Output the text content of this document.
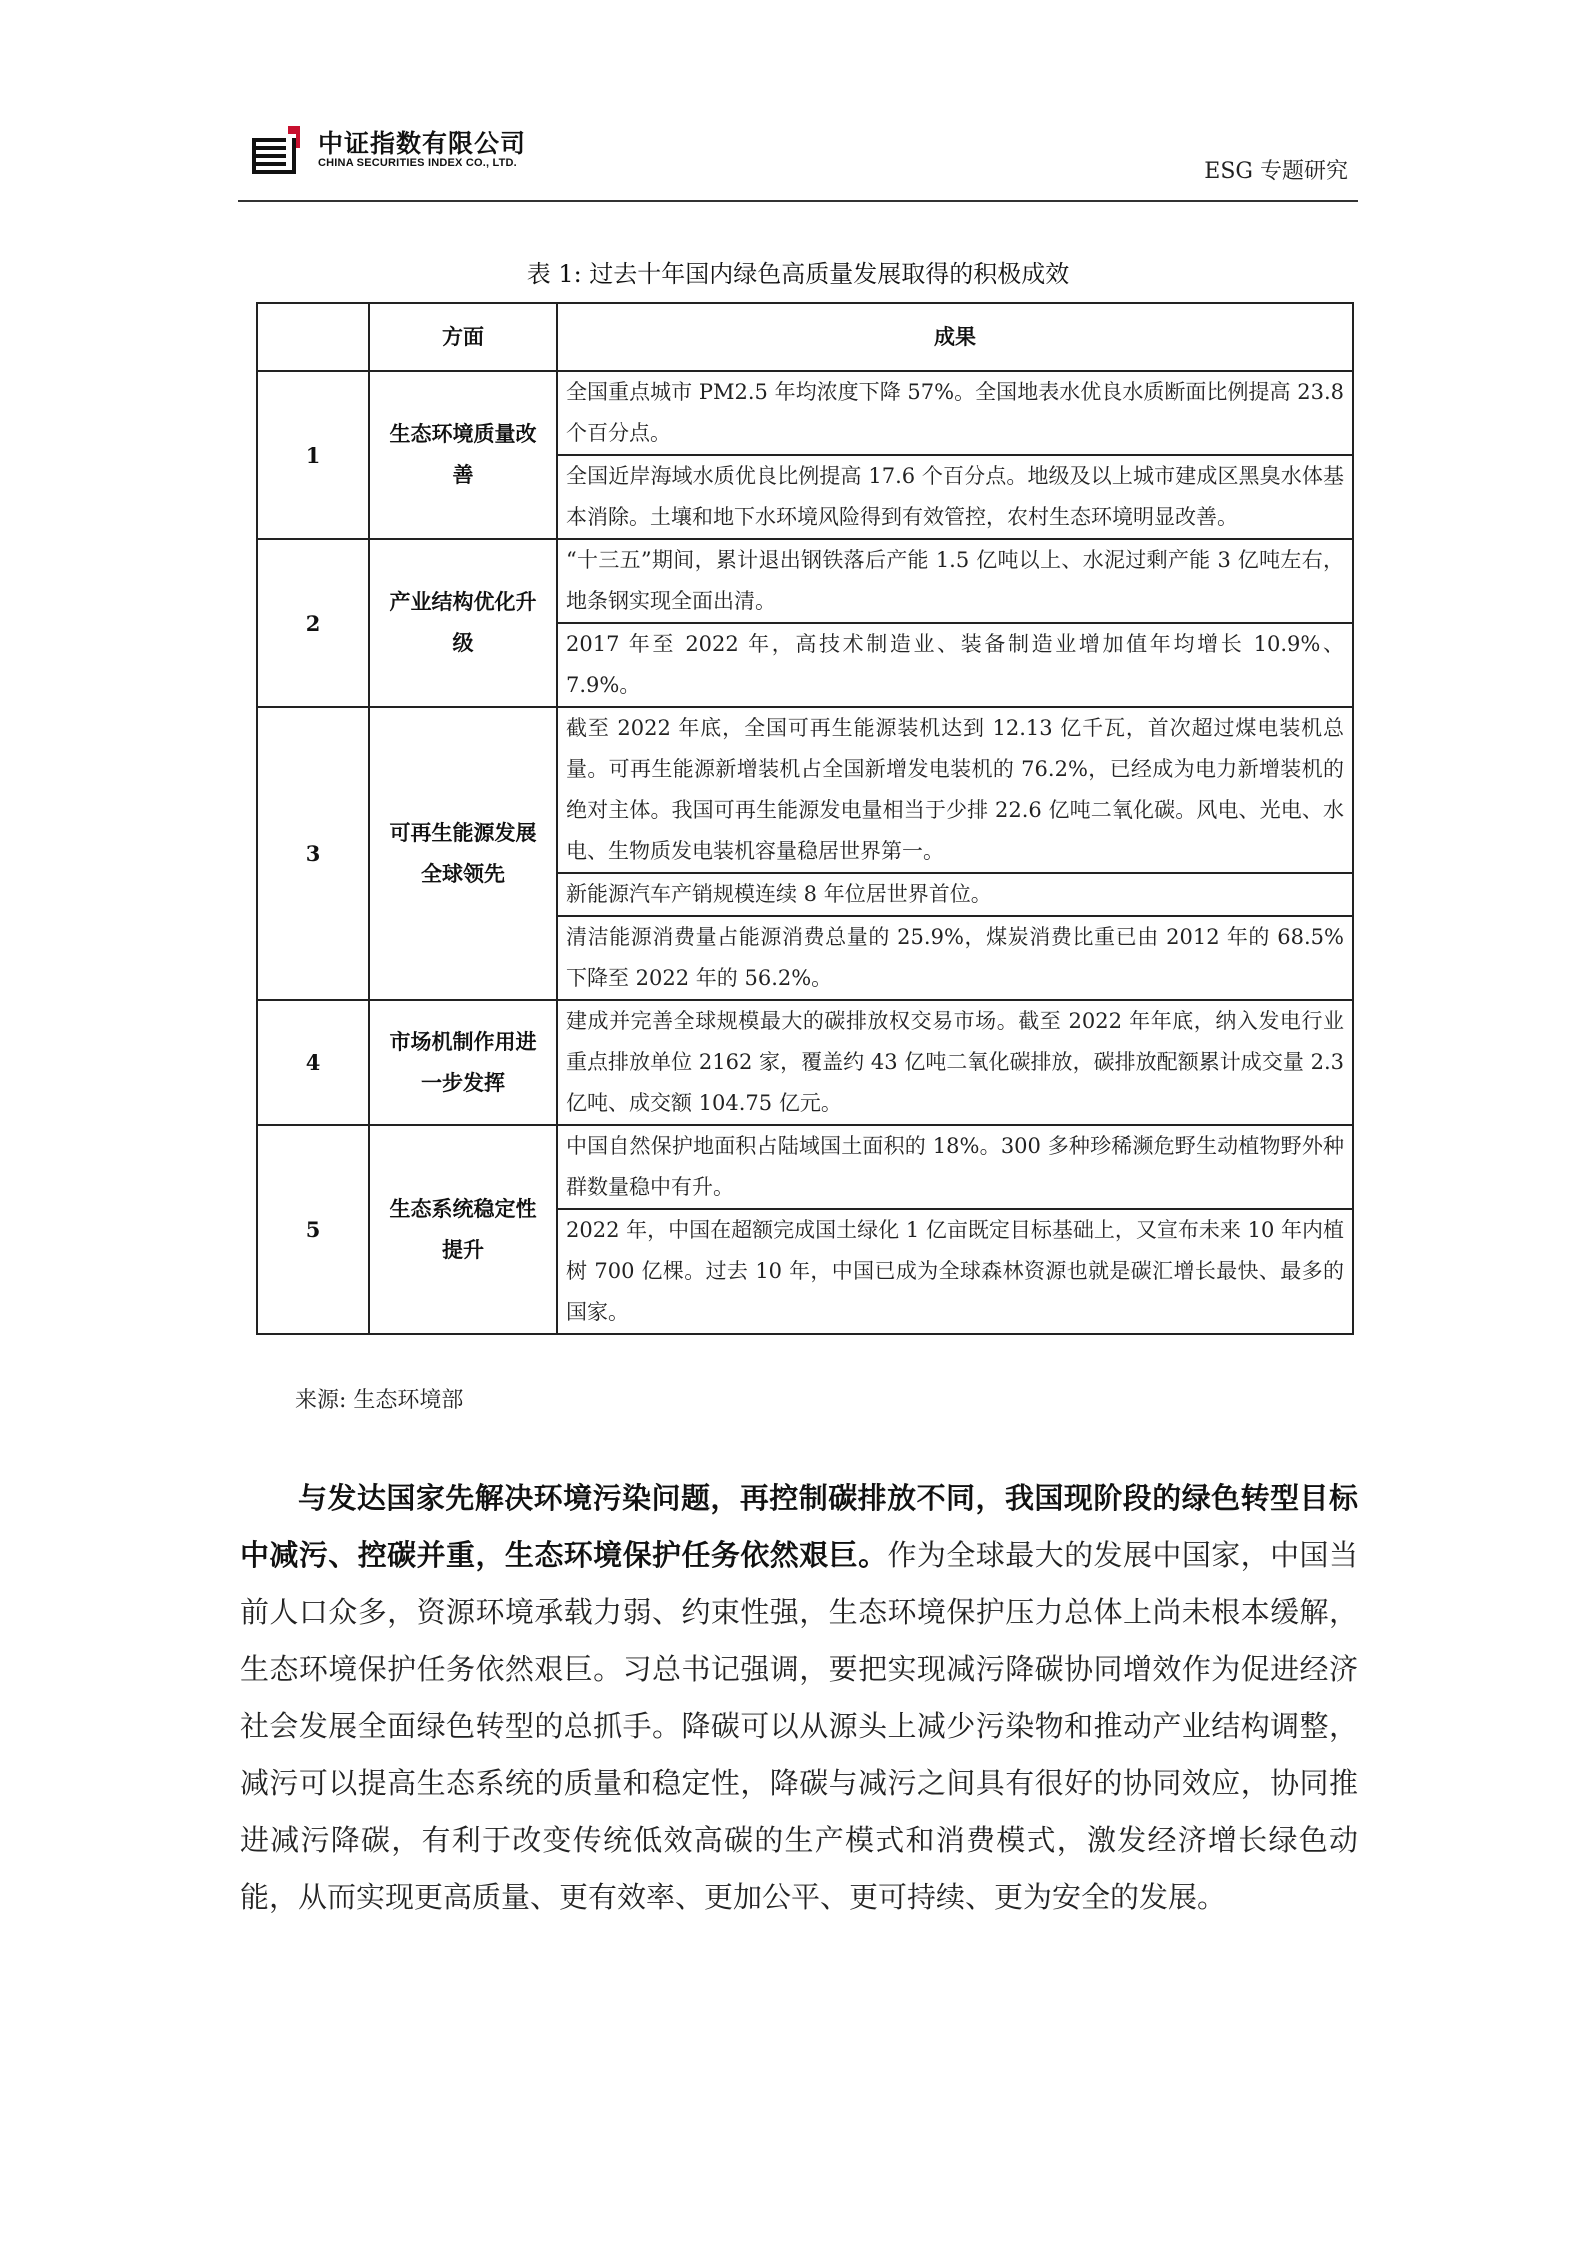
中证指数有限公司
CHINA SECURITIES INDEX CO., LTD.	ESG 专题研究
表 1: 过去十年国内绿色高质量发展取得的积极成效
	方面	成果
1	生态环境质量改善	全国重点城市 PM2.5 年均浓度下降 57%。全国地表水优良水质断面比例提高 23.8 个百分点。
		全国近岸海域水质优良比例提高 17.6 个百分点。地级及以上城市建成区黑臭水体基本消除。土壤和地下水环境风险得到有效管控，农村生态环境明显改善。
2	产业结构优化升级	“十三五”期间，累计退出钢铁落后产能 1.5 亿吨以上、水泥过剩产能 3 亿吨左右，地条钢实现全面出清。
		2017 年至 2022 年，高技术制造业、装备制造业增加值年均增长 10.9%、7.9%。
3	可再生能源发展全球领先	截至 2022 年底，全国可再生能源装机达到 12.13 亿千瓦，首次超过煤电装机总量。可再生能源新增装机占全国新增发电装机的 76.2%，已经成为电力新增装机的绝对主体。我国可再生能源发电量相当于少排 22.6 亿吨二氧化碳。风电、光电、水电、生物质发电装机容量稳居世界第一。
		新能源汽车产销规模连续 8 年位居世界首位。
		清洁能源消费量占能源消费总量的 25.9%，煤炭消费比重已由 2012 年的 68.5%下降至 2022 年的 56.2%。
4	市场机制作用进一步发挥	建成并完善全球规模最大的碳排放权交易市场。截至 2022 年年底，纳入发电行业重点排放单位 2162 家，覆盖约 43 亿吨二氧化碳排放，碳排放配额累计成交量 2.3 亿吨、成交额 104.75 亿元。
5	生态系统稳定性提升	中国自然保护地面积占陆域国土面积的 18%。300 多种珍稀濒危野生动植物野外种群数量稳中有升。
		2022 年，中国在超额完成国土绿化 1 亿亩既定目标基础上，又宣布未来 10 年内植树 700 亿棵。过去 10 年，中国已成为全球森林资源也就是碳汇增长最快、最多的国家。
来源: 生态环境部
与发达国家先解决环境污染问题，再控制碳排放不同，我国现阶段的绿色转型目标中减污、控碳并重，生态环境保护任务依然艰巨。作为全球最大的发展中国家，中国当前人口众多，资源环境承载力弱、约束性强，生态环境保护压力总体上尚未根本缓解，生态环境保护任务依然艰巨。习总书记强调，要把实现减污降碳协同增效作为促进经济社会发展全面绿色转型的总抓手。降碳可以从源头上减少污染物和推动产业结构调整，减污可以提高生态系统的质量和稳定性，降碳与减污之间具有很好的协同效应，协同推进减污降碳，有利于改变传统低效高碳的生产模式和消费模式，激发经济增长绿色动能，从而实现更高质量、更有效率、更加公平、更可持续、更为安全的发展。
